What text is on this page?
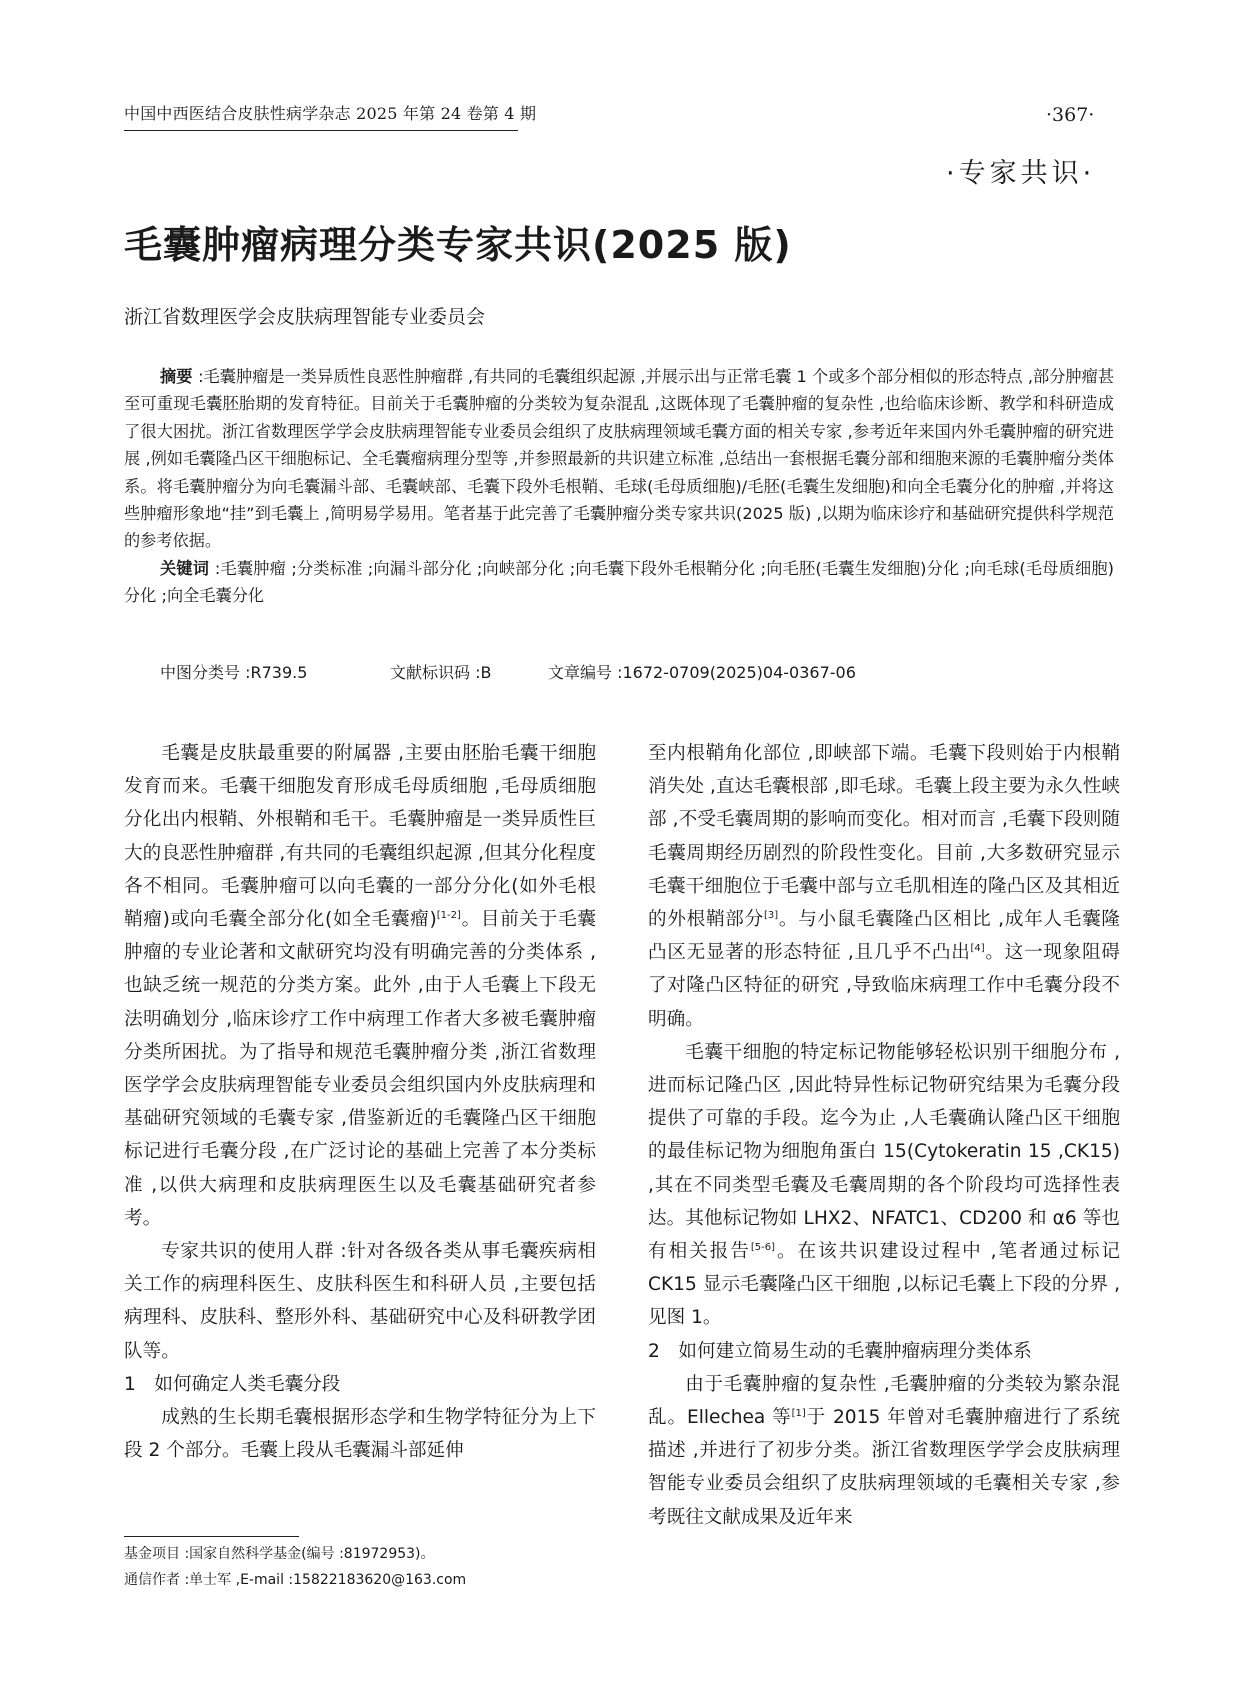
中国中西医结合皮肤性病学杂志 2025 年第 24 卷第 4 期	·367·
·专家共识·
毛囊肿瘤病理分类专家共识(2025 版)
浙江省数理医学会皮肤病理智能专业委员会

摘要 :毛囊肿瘤是一类异质性良恶性肿瘤群 ,有共同的毛囊组织起源 ,并展示出与正常毛囊 1 个或多个部分相似的形态特点 ,部分肿瘤甚至可重现毛囊胚胎期的发育特征。目前关于毛囊肿瘤的分类较为复杂混乱 ,这既体现了毛囊肿瘤的复杂性 ,也给临床诊断、教学和科研造成了很大困扰。浙江省数理医学学会皮肤病理智能专业委员会组织了皮肤病理领域毛囊方面的相关专家 ,参考近年来国内外毛囊肿瘤的研究进展 ,例如毛囊隆凸区干细胞标记、全毛囊瘤病理分型等 ,并参照最新的共识建立标准 ,总结出一套根据毛囊分部和细胞来源的毛囊肿瘤分类体系。将毛囊肿瘤分为向毛囊漏斗部、毛囊峡部、毛囊下段外毛根鞘、毛球(毛母质细胞)/毛胚(毛囊生发细胞)和向全毛囊分化的肿瘤 ,并将这些肿瘤形象地“挂”到毛囊上 ,简明易学易用。笔者基于此完善了毛囊肿瘤分类专家共识(2025 版) ,以期为临床诊疗和基础研究提供科学规范的参考依据。

关键词 :毛囊肿瘤 ;分类标准 ;向漏斗部分化 ;向峡部分化 ;向毛囊下段外毛根鞘分化 ;向毛胚(毛囊生发细胞)分化 ;向毛球(毛母质细胞)分化 ;向全毛囊分化

中图分类号 :R739.5	文献标识码 :B	文章编号 :1672-0709(2025)04-0367-06

毛囊是皮肤最重要的附属器 ,主要由胚胎毛囊干细胞发育而来。毛囊干细胞发育形成毛母质细胞 ,毛母质细胞分化出内根鞘、外根鞘和毛干。毛囊肿瘤是一类异质性巨大的良恶性肿瘤群 ,有共同的毛囊组织起源 ,但其分化程度各不相同。毛囊肿瘤可以向毛囊的一部分分化(如外毛根鞘瘤)或向毛囊全部分化(如全毛囊瘤)[1-2]。目前关于毛囊肿瘤的专业论著和文献研究均没有明确完善的分类体系 ,也缺乏统一规范的分类方案。此外 ,由于人毛囊上下段无法明确划分 ,临床诊疗工作中病理工作者大多被毛囊肿瘤分类所困扰。为了指导和规范毛囊肿瘤分类 ,浙江省数理医学学会皮肤病理智能专业委员会组织国内外皮肤病理和基础研究领域的毛囊专家 ,借鉴新近的毛囊隆凸区干细胞标记进行毛囊分段 ,在广泛讨论的基础上完善了本分类标准 ,以供大病理和皮肤病理医生以及毛囊基础研究者参考。

专家共识的使用人群 :针对各级各类从事毛囊疾病相关工作的病理科医生、皮肤科医生和科研人员 ,主要包括病理科、皮肤科、整形外科、基础研究中心及科研教学团队等。

1　如何确定人类毛囊分段

成熟的生长期毛囊根据形态学和生物学特征分为上下段 2 个部分。毛囊上段从毛囊漏斗部延伸

至内根鞘角化部位 ,即峡部下端。毛囊下段则始于内根鞘消失处 ,直达毛囊根部 ,即毛球。毛囊上段主要为永久性峡部 ,不受毛囊周期的影响而变化。相对而言 ,毛囊下段则随毛囊周期经历剧烈的阶段性变化。目前 ,大多数研究显示毛囊干细胞位于毛囊中部与立毛肌相连的隆凸区及其相近的外根鞘部分[3]。与小鼠毛囊隆凸区相比 ,成年人毛囊隆凸区无显著的形态特征 ,且几乎不凸出[4]。这一现象阻碍了对隆凸区特征的研究 ,导致临床病理工作中毛囊分段不明确。

毛囊干细胞的特定标记物能够轻松识别干细胞分布 ,进而标记隆凸区 ,因此特异性标记物研究结果为毛囊分段提供了可靠的手段。迄今为止 ,人毛囊确认隆凸区干细胞的最佳标记物为细胞角蛋白 15(Cytokeratin 15 ,CK15) ,其在不同类型毛囊及毛囊周期的各个阶段均可选择性表达。其他标记物如 LHX2、NFATC1、CD200 和 α6 等也有相关报告[5-6]。在该共识建设过程中 ,笔者通过标记 CK15 显示毛囊隆凸区干细胞 ,以标记毛囊上下段的分界 ,见图 1。

2　如何建立简易生动的毛囊肿瘤病理分类体系

由于毛囊肿瘤的复杂性 ,毛囊肿瘤的分类较为繁杂混乱。Ellechea 等[1]于 2015 年曾对毛囊肿瘤进行了系统描述 ,并进行了初步分类。浙江省数理医学学会皮肤病理智能专业委员会组织了皮肤病理领域的毛囊相关专家 ,参考既往文献成果及近年来

基金项目 :国家自然科学基金(编号 :81972953)。
通信作者 :单士军 ,E-mail :15822183620@163.com
